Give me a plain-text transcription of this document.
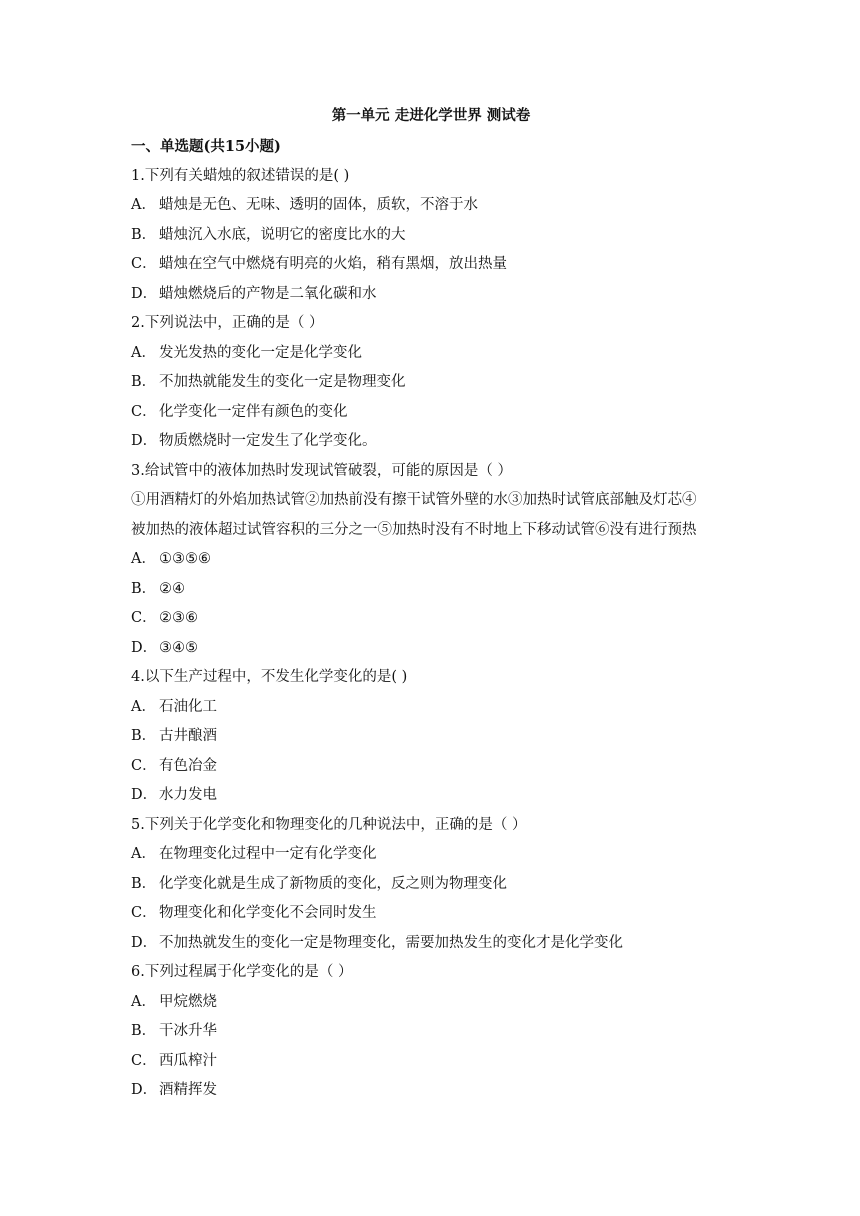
第一单元 走进化学世界 测试卷
一、单选题(共15小题)
1.下列有关蜡烛的叙述错误的是( )
A． 蜡烛是无色、无味、透明的固体，质软，不溶于水
B． 蜡烛沉入水底，说明它的密度比水的大
C． 蜡烛在空气中燃烧有明亮的火焰，稍有黑烟，放出热量
D． 蜡烛燃烧后的产物是二氧化碳和水
2.下列说法中，正确的是（ ）
A． 发光发热的变化一定是化学变化
B． 不加热就能发生的变化一定是物理变化
C． 化学变化一定伴有颜色的变化
D． 物质燃烧时一定发生了化学变化。
3.给试管中的液体加热时发现试管破裂，可能的原因是（ ）
①用酒精灯的外焰加热试管②加热前没有擦干试管外壁的水③加热时试管底部触及灯芯④
被加热的液体超过试管容积的三分之一⑤加热时没有不时地上下移动试管⑥没有进行预热
A． ①③⑤⑥
B． ②④
C． ②③⑥
D． ③④⑤
4.以下生产过程中，不发生化学变化的是( )
A． 石油化工
B． 古井酿酒
C． 有色冶金
D． 水力发电
5.下列关于化学变化和物理变化的几种说法中，正确的是（ ）
A． 在物理变化过程中一定有化学变化
B． 化学变化就是生成了新物质的变化，反之则为物理变化
C． 物理变化和化学变化不会同时发生
D． 不加热就发生的变化一定是物理变化，需要加热发生的变化才是化学变化
6.下列过程属于化学变化的是（ ）
A． 甲烷燃烧
B． 干冰升华
C． 西瓜榨汁
D． 酒精挥发
